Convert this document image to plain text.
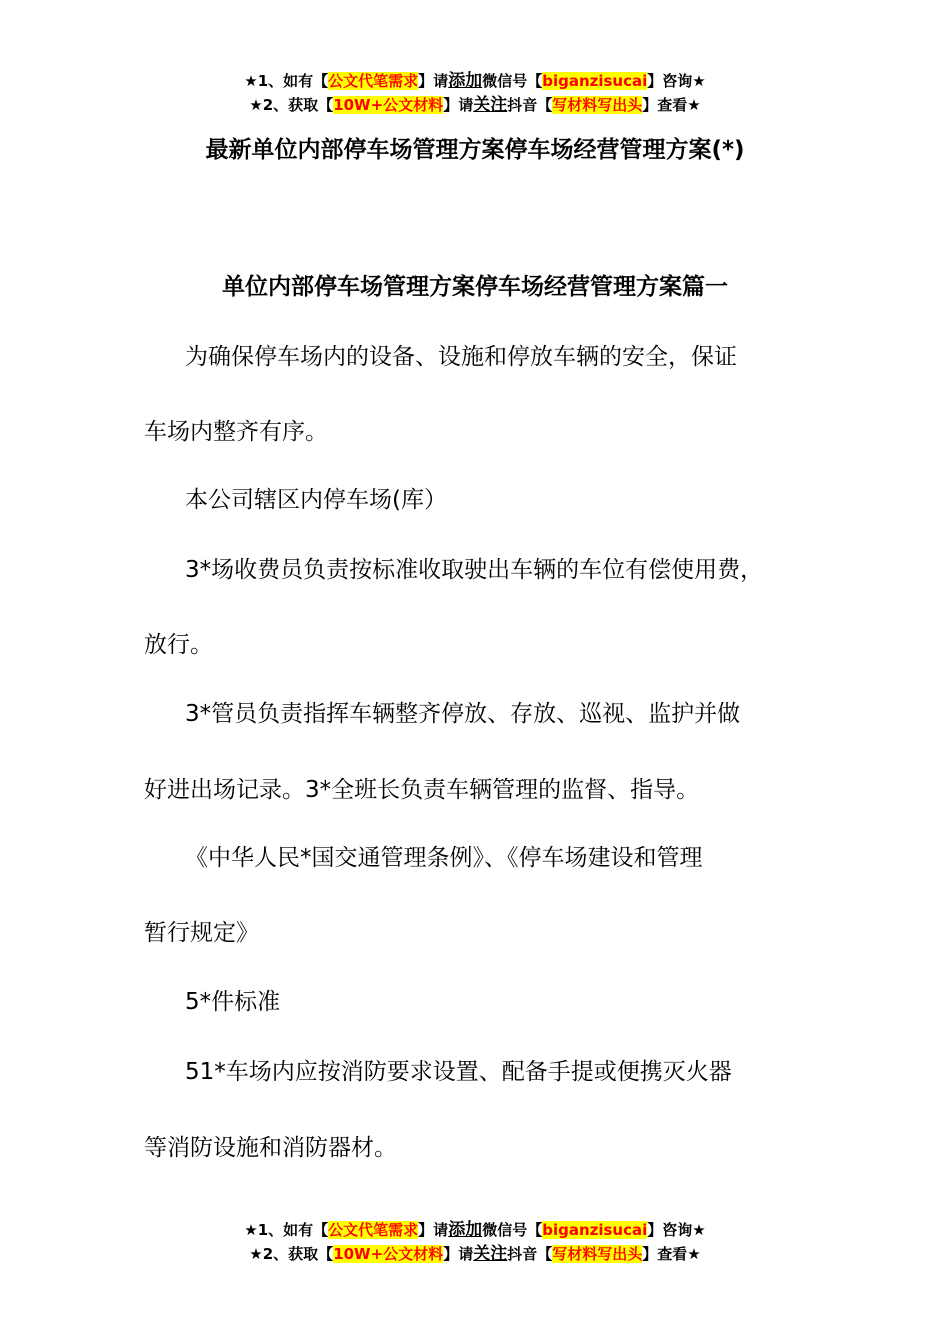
★1、如有【公文代笔需求】请添加微信号【biganzisucai】咨询★
★2、获取【10W+公文材料】请关注抖音【写材料写出头】查看★
最新单位内部停车场管理方案停车场经营管理方案(*)
单位内部停车场管理方案停车场经营管理方案篇一
为确保停车场内的设备、设施和停放车辆的安全，保证
车场内整齐有序。
本公司辖区内停车场(库）
3*场收费员负责按标准收取驶出车辆的车位有偿使用费，
放行。
3*管员负责指挥车辆整齐停放、存放、巡视、监护并做
好进出场记录。3*全班长负责车辆管理的监督、指导。
《中华人民*国交通管理条例》、《停车场建设和管理
暂行规定》
5*件标准
51*车场内应按消防要求设置、配备手提或便携灭火器
等消防设施和消防器材。
★1、如有【公文代笔需求】请添加微信号【biganzisucai】咨询★
★2、获取【10W+公文材料】请关注抖音【写材料写出头】查看★
